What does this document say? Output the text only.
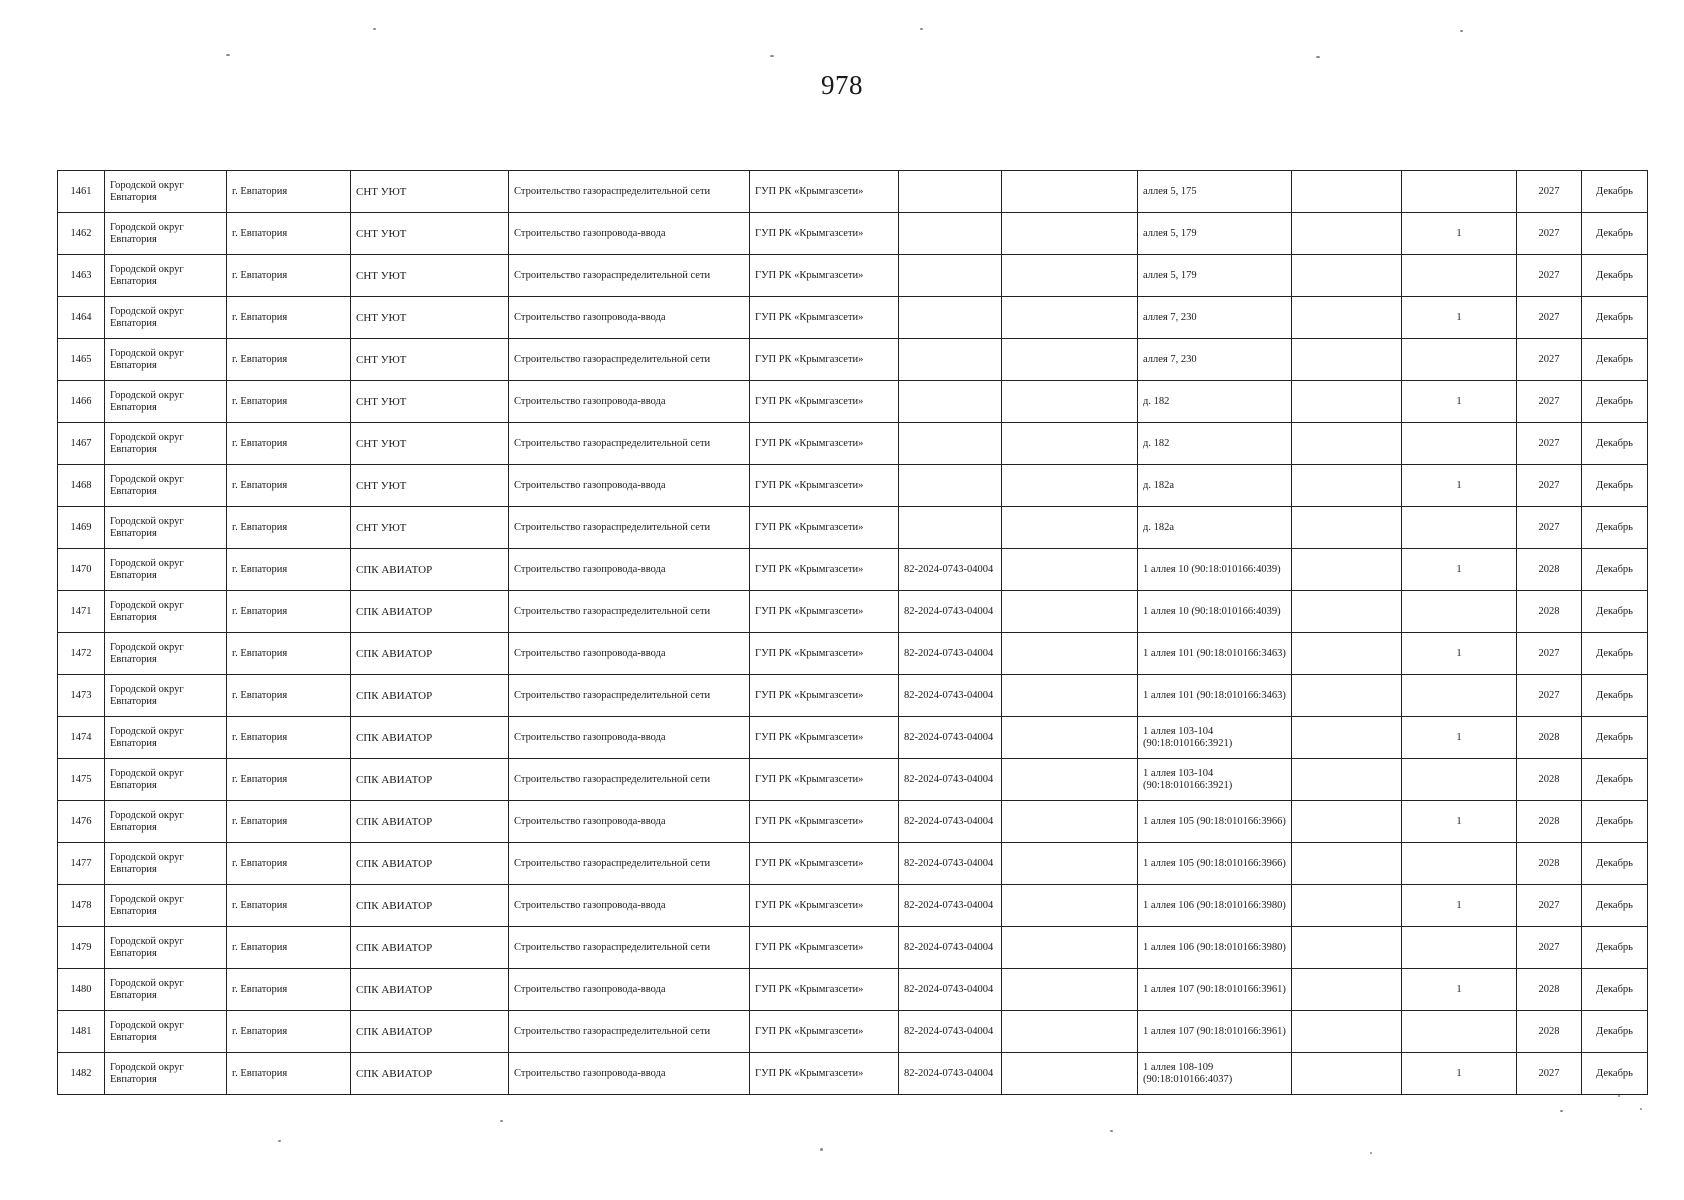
978
1461	Городской округ Евпатория	г. Евпатория	СНТ УЮТ	Строительство газораспределительной сети	ГУП РК «Крымгазсети»			аллея 5, 175			2027	Декабрь
1462	Городской округ Евпатория	г. Евпатория	СНТ УЮТ	Строительство газопровода-ввода	ГУП РК «Крымгазсети»			аллея 5, 179		1	2027	Декабрь
1463	Городской округ Евпатория	г. Евпатория	СНТ УЮТ	Строительство газораспределительной сети	ГУП РК «Крымгазсети»			аллея 5, 179			2027	Декабрь
1464	Городской округ Евпатория	г. Евпатория	СНТ УЮТ	Строительство газопровода-ввода	ГУП РК «Крымгазсети»			аллея 7, 230		1	2027	Декабрь
1465	Городской округ Евпатория	г. Евпатория	СНТ УЮТ	Строительство газораспределительной сети	ГУП РК «Крымгазсети»			аллея 7, 230			2027	Декабрь
1466	Городской округ Евпатория	г. Евпатория	СНТ УЮТ	Строительство газопровода-ввода	ГУП РК «Крымгазсети»			д. 182		1	2027	Декабрь
1467	Городской округ Евпатория	г. Евпатория	СНТ УЮТ	Строительство газораспределительной сети	ГУП РК «Крымгазсети»			д. 182			2027	Декабрь
1468	Городской округ Евпатория	г. Евпатория	СНТ УЮТ	Строительство газопровода-ввода	ГУП РК «Крымгазсети»			д. 182а		1	2027	Декабрь
1469	Городской округ Евпатория	г. Евпатория	СНТ УЮТ	Строительство газораспределительной сети	ГУП РК «Крымгазсети»			д. 182а			2027	Декабрь
1470	Городской округ Евпатория	г. Евпатория	СПК АВИАТОР	Строительство газопровода-ввода	ГУП РК «Крымгазсети»	82-2024-0743-04004		1 аллея 10 (90:18:010166:4039)		1	2028	Декабрь
1471	Городской округ Евпатория	г. Евпатория	СПК АВИАТОР	Строительство газораспределительной сети	ГУП РК «Крымгазсети»	82-2024-0743-04004		1 аллея 10 (90:18:010166:4039)			2028	Декабрь
1472	Городской округ Евпатория	г. Евпатория	СПК АВИАТОР	Строительство газопровода-ввода	ГУП РК «Крымгазсети»	82-2024-0743-04004		1 аллея 101 (90:18:010166:3463)		1	2027	Декабрь
1473	Городской округ Евпатория	г. Евпатория	СПК АВИАТОР	Строительство газораспределительной сети	ГУП РК «Крымгазсети»	82-2024-0743-04004		1 аллея 101 (90:18:010166:3463)			2027	Декабрь
1474	Городской округ Евпатория	г. Евпатория	СПК АВИАТОР	Строительство газопровода-ввода	ГУП РК «Крымгазсети»	82-2024-0743-04004		1 аллея 103-104 (90:18:010166:3921)		1	2028	Декабрь
1475	Городской округ Евпатория	г. Евпатория	СПК АВИАТОР	Строительство газораспределительной сети	ГУП РК «Крымгазсети»	82-2024-0743-04004		1 аллея 103-104 (90:18:010166:3921)			2028	Декабрь
1476	Городской округ Евпатория	г. Евпатория	СПК АВИАТОР	Строительство газопровода-ввода	ГУП РК «Крымгазсети»	82-2024-0743-04004		1 аллея 105 (90:18:010166:3966)		1	2028	Декабрь
1477	Городской округ Евпатория	г. Евпатория	СПК АВИАТОР	Строительство газораспределительной сети	ГУП РК «Крымгазсети»	82-2024-0743-04004		1 аллея 105 (90:18:010166:3966)			2028	Декабрь
1478	Городской округ Евпатория	г. Евпатория	СПК АВИАТОР	Строительство газопровода-ввода	ГУП РК «Крымгазсети»	82-2024-0743-04004		1 аллея 106 (90:18:010166:3980)		1	2027	Декабрь
1479	Городской округ Евпатория	г. Евпатория	СПК АВИАТОР	Строительство газораспределительной сети	ГУП РК «Крымгазсети»	82-2024-0743-04004		1 аллея 106 (90:18:010166:3980)			2027	Декабрь
1480	Городской округ Евпатория	г. Евпатория	СПК АВИАТОР	Строительство газопровода-ввода	ГУП РК «Крымгазсети»	82-2024-0743-04004		1 аллея 107 (90:18:010166:3961)		1	2028	Декабрь
1481	Городской округ Евпатория	г. Евпатория	СПК АВИАТОР	Строительство газораспределительной сети	ГУП РК «Крымгазсети»	82-2024-0743-04004		1 аллея 107 (90:18:010166:3961)			2028	Декабрь
1482	Городской округ Евпатория	г. Евпатория	СПК АВИАТОР	Строительство газопровода-ввода	ГУП РК «Крымгазсети»	82-2024-0743-04004		1 аллея 108-109 (90:18:010166:4037)		1	2027	Декабрь
